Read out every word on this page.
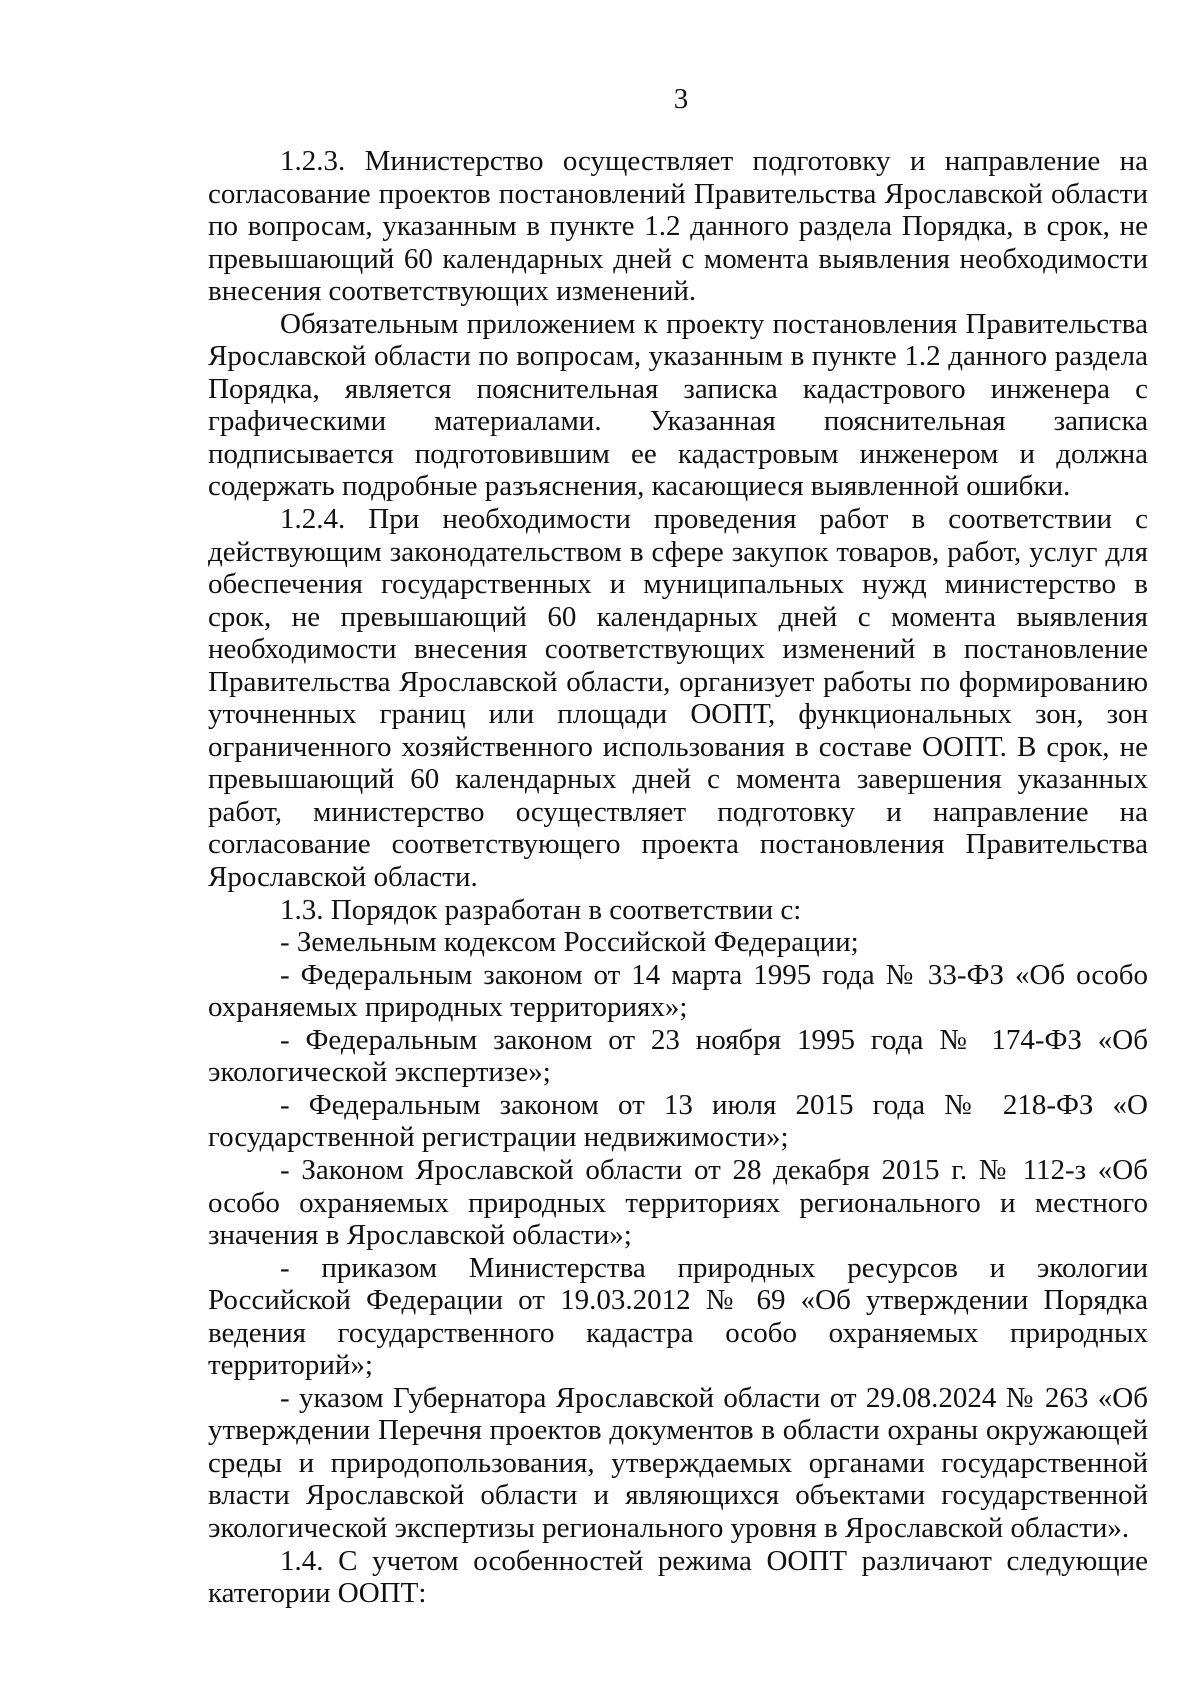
3

1.2.3. Министерство осуществляет подготовку и направление на согласование проектов постановлений Правительства Ярославской области по вопросам, указанным в пункте 1.2 данного раздела Порядка, в срок, не превышающий 60 календарных дней с момента выявления необходимости внесения соответствующих изменений.

Обязательным приложением к проекту постановления Правительства Ярославской области по вопросам, указанным в пункте 1.2 данного раздела Порядка, является пояснительная записка кадастрового инженера с графическими материалами. Указанная пояснительная записка подписывается подготовившим ее кадастровым инженером и должна содержать подробные разъяснения, касающиеся выявленной ошибки.

1.2.4. При необходимости проведения работ в соответствии с действующим законодательством в сфере закупок товаров, работ, услуг для обеспечения государственных и муниципальных нужд министерство в срок, не превышающий 60 календарных дней с момента выявления необходимости внесения соответствующих изменений в постановление Правительства Ярославской области, организует работы по формированию уточненных границ или площади ООПТ, функциональных зон, зон ограниченного хозяйственного использования в составе ООПТ. В срок, не превышающий 60 календарных дней с момента завершения указанных работ, министерство осуществляет подготовку и направление на согласование соответствующего проекта постановления Правительства Ярославской области.

1.3. Порядок разработан в соответствии с:

- Земельным кодексом Российской Федерации;

- Федеральным законом от 14 марта 1995 года № 33-ФЗ «Об особо охраняемых природных территориях»;

- Федеральным законом от 23 ноября 1995 года № 174-ФЗ «Об экологической экспертизе»;

- Федеральным законом от 13 июля 2015 года № 218-ФЗ «О государственной регистрации недвижимости»;

- Законом Ярославской области от 28 декабря 2015 г. № 112-з «Об особо охраняемых природных территориях регионального и местного значения в Ярославской области»;

- приказом Министерства природных ресурсов и экологии Российской Федерации от 19.03.2012 № 69 «Об утверждении Порядка ведения государственного кадастра особо охраняемых природных территорий»;

- указом Губернатора Ярославской области от 29.08.2024 № 263 «Об утверждении Перечня проектов документов в области охраны окружающей среды и природопользования, утверждаемых органами государственной власти Ярославской области и являющихся объектами государственной экологической экспертизы регионального уровня в Ярославской области».

1.4. С учетом особенностей режима ООПТ различают следующие категории ООПТ:
